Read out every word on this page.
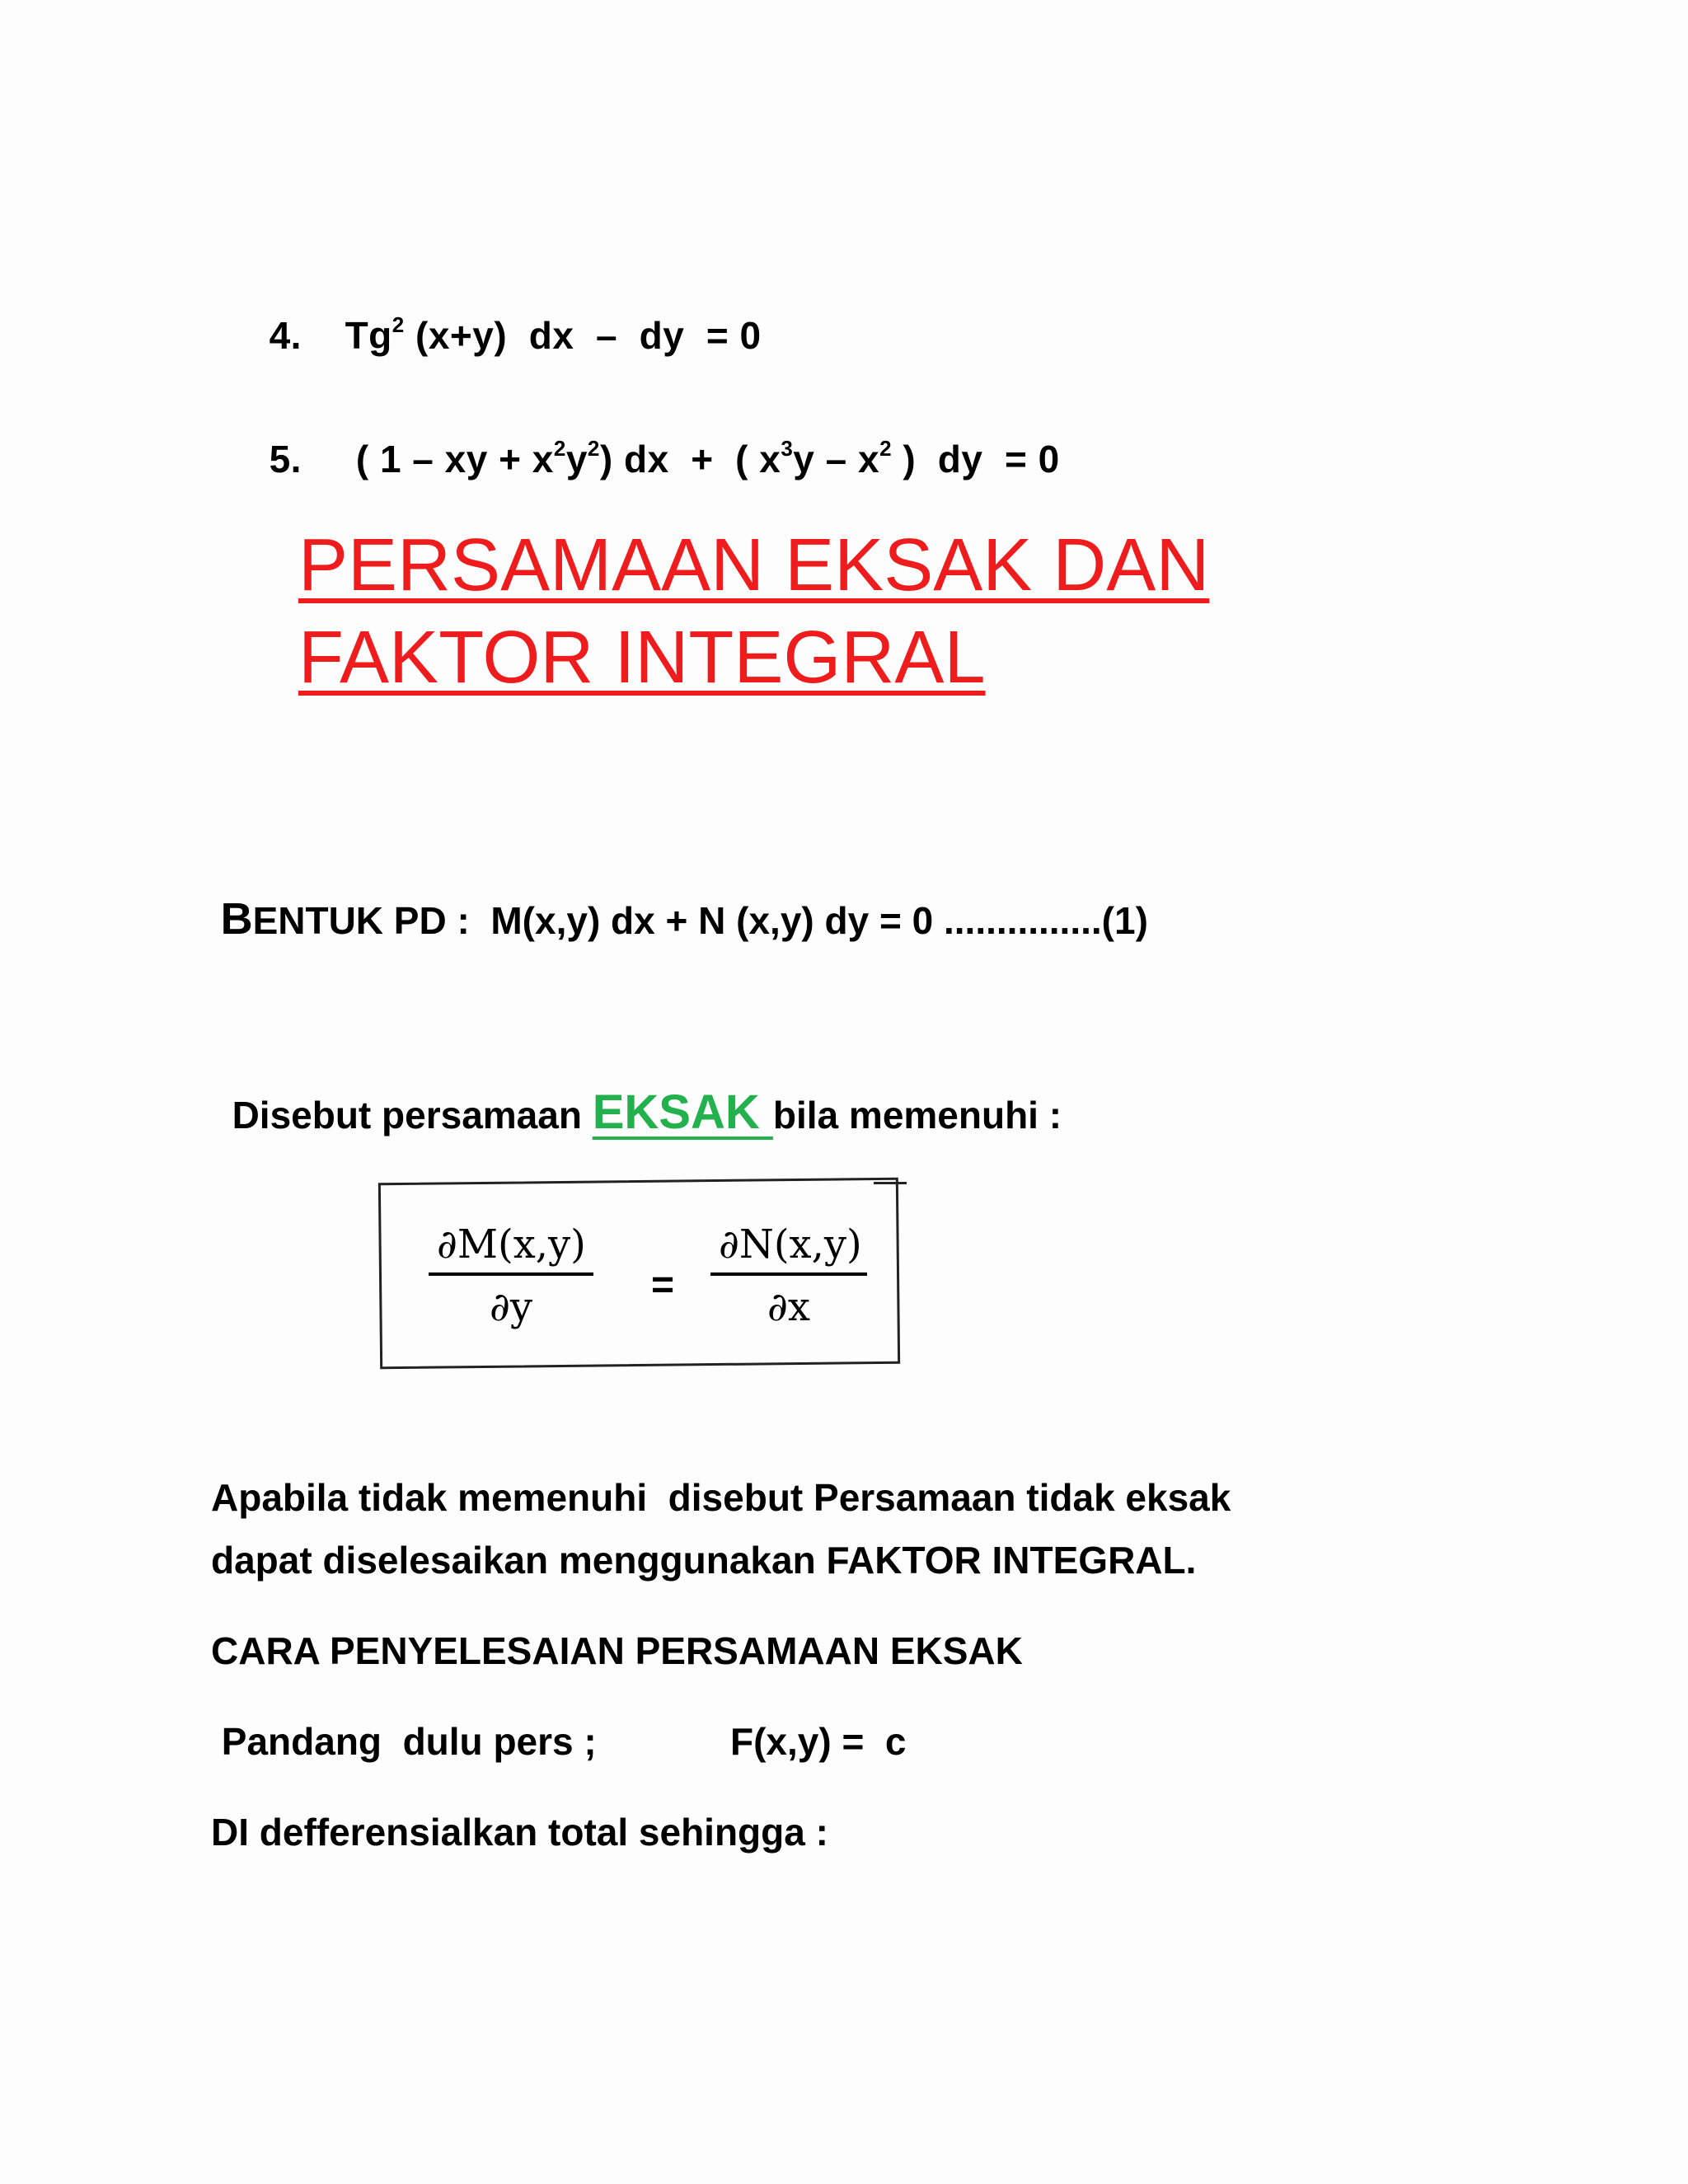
4. Tg$^2$ (x+y)  dx  –  dy  = 0

5. ( 1 – xy + $x^2y^2$) dx  +  ( $x^3y - x^2$ )  dy  = 0

PERSAMAAN EKSAK DAN FAKTOR INTEGRAL

BENTUK PD :  M(x,y) dx + N (x,y) dy = 0 ...............(1)

Disebut persamaan EKSAK bila memenuhi :

$\frac{\partial M(x,y)}{\partial y} = \frac{\partial N(x,y)}{\partial x}$
Apabila tidak memenuhi  disebut Persamaan tidak eksak
dapat diselesaikan menggunakan FAKTOR INTEGRAL.
CARA PENYELESAIAN PERSAMAAN EKSAK
Pandang  dulu pers ;	F(x,y) =  c
DI defferensialkan total sehingga :
